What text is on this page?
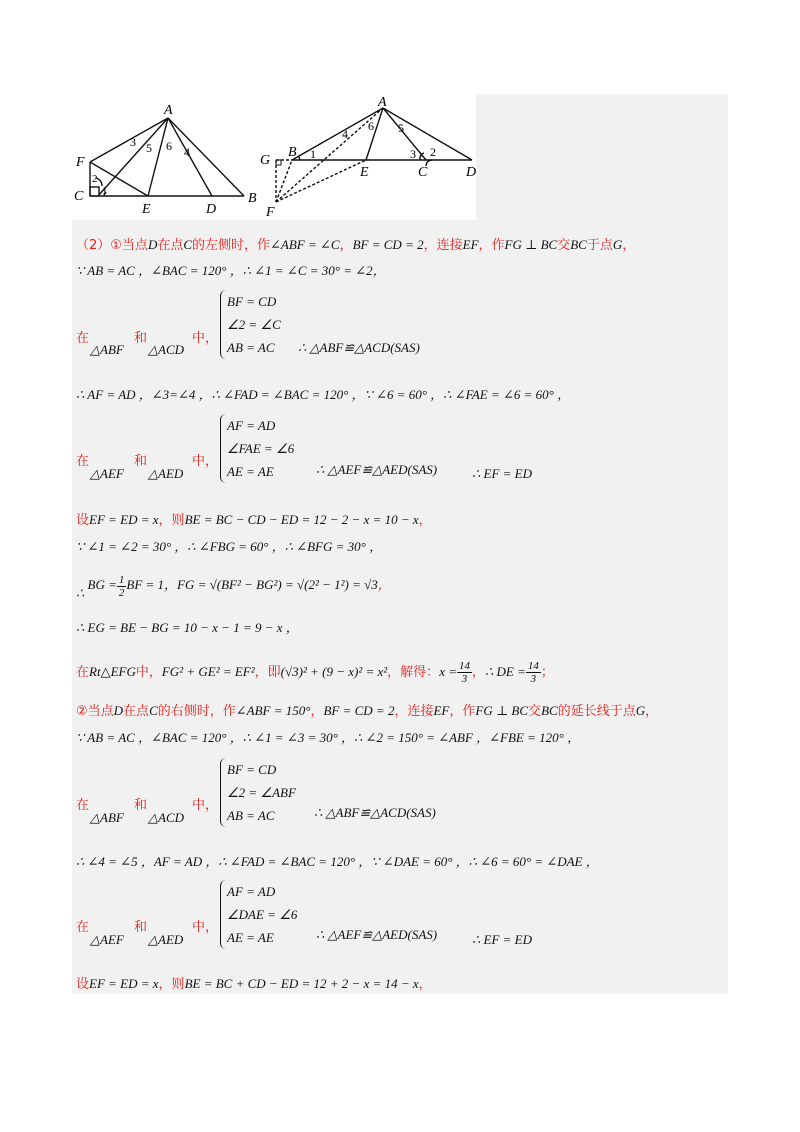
A
F
C
E	D
B
1
2
3
4
5 6
A
G
B
F
E	C	D
1	2
3
4	5
6
（2）①当点D在点C的左侧时，作∠ABF = ∠C，BF = CD = 2，连接EF，作FG ⊥ BC交BC于点G，
∵ AB = AC ，∠BAC = 120° ，∴ ∠1 = ∠C = 30° = ∠2，
在	和	中，
△ABF △ACD
BF = CD
∠2 = ∠C
AB = AC	∴ △ABF≌△ACD(SAS)
∴ AF = AD ，∠3=∠4 ，∴ ∠FAD = ∠BAC = 120° ，∵ ∠6 = 60° ，∴ ∠FAE = ∠6 = 60° ，
在	和	中，
△AEF △AED
AF = AD
∠FAE = ∠6
AE = AE	∴ △AEF≌△AED(SAS)	∴ EF = ED
设EF = ED = x，则BE = BC − CD − ED = 12 − 2 − x = 10 − x，
∵ ∠1 = ∠2 = 30° ，∴ ∠FBG = 60° ，∴ ∠BFG = 30° ，
∴ BG = $\frac{1}{2}$ BF = 1，FG = √(BF² − BG²) = √(2² − 1²) = √3，
∴ EG = BE − BG = 10 − x − 1 = 9 − x ，
在Rt△EFG中，FG² + GE² = EF²，即(√3)² + (9 − x)² = x²，解得：$x = \frac{14}{3}$ ，∴ DE = $\frac{14}{3}$ ；
②当点D在点C的右侧时，作∠ABF = 150°，BF = CD = 2，连接EF，作FG ⊥ BC交BC的延长线于点G，
∵ AB = AC ，∠BAC = 120° ，∴ ∠1 = ∠3 = 30° ，∴ ∠2 = 150° = ∠ABF ，∠FBE = 120° ，
在	和	中，
△ABF △ACD
BF = CD
∠2 = ∠ABF
AB = AC	∴ △ABF≌△ACD(SAS)
∴ ∠4 = ∠5 ，AF = AD ，∴ ∠FAD = ∠BAC = 120° ，∵ ∠DAE = 60° ，∴ ∠6 = 60° = ∠DAE ，
在	和	中，
△AEF △AED
AF = AD
∠DAE = ∠6
AE = AE	∴ △AEF≌△AED(SAS)	∴ EF = ED
设EF = ED = x，则BE = BC + CD − ED = 12 + 2 − x = 14 − x，
